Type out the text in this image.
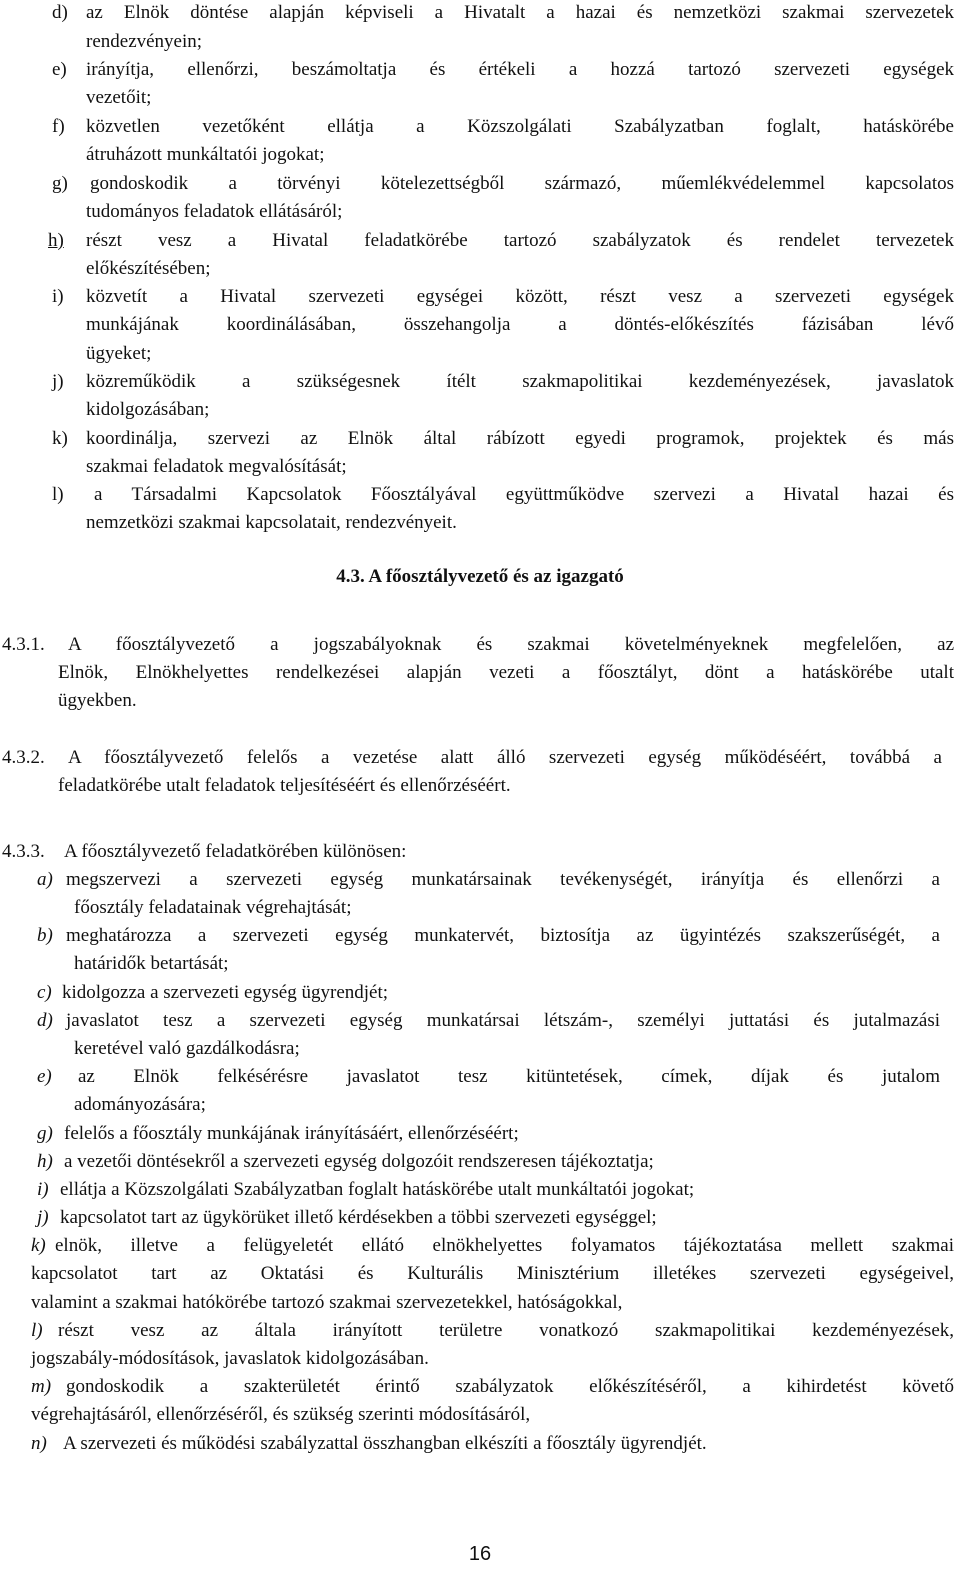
d) az Elnök döntése alapján képviseli a Hivatalt a hazai és nemzetközi szakmai szervezetek
rendezvényein;
e) irányítja, ellenőrzi, beszámoltatja és értékeli a hozzá tartozó szervezeti egységek
vezetőit;
f) közvetlen vezetőként ellátja a Közszolgálati Szabályzatban foglalt, hatáskörébe
átruházott munkáltatói jogokat;
g) gondoskodik a törvényi kötelezettségből származó, műemlékvédelemmel kapcsolatos
tudományos feladatok ellátásáról;
h) részt vesz a Hivatal feladatkörébe tartozó szabályzatok és rendelet tervezetek
előkészítésében;
i) közvetít a Hivatal szervezeti egységei között, részt vesz a szervezeti egységek
munkájának koordinálásában, összehangolja a döntés-előkészítés fázisában lévő
ügyeket;
j) közreműködik a szükségesnek ítélt szakmapolitikai kezdeményezések, javaslatok
kidolgozásában;
k) koordinálja, szervezi az Elnök által rábízott egyedi programok, projektek és más
szakmai feladatok megvalósítását;
l) a Társadalmi Kapcsolatok Főosztályával együttműködve szervezi a Hivatal hazai és
nemzetközi szakmai kapcsolatait, rendezvényeit.
4.3. A főosztályvezető és az igazgató
4.3.1. A főosztályvezető a jogszabályoknak és szakmai követelményeknek megfelelően, az
Elnök, Elnökhelyettes rendelkezései alapján vezeti a főosztályt, dönt a hatáskörébe utalt
ügyekben.
4.3.2. A főosztályvezető felelős a vezetése alatt álló szervezeti egység működéséért, továbbá a
feladatkörébe utalt feladatok teljesítéséért és ellenőrzéséért.
4.3.3. A főosztályvezető feladatkörében különösen:
a) megszervezi a szervezeti egység munkatársainak tevékenységét, irányítja és ellenőrzi a
főosztály feladatainak végrehajtását;
b) meghatározza a szervezeti egység munkatervét, biztosítja az ügyintézés szakszerűségét, a
határidők betartását;
c) kidolgozza a szervezeti egység ügyrendjét;
d) javaslatot tesz a szervezeti egység munkatársai létszám-, személyi juttatási és jutalmazási
keretével való gazdálkodásra;
e) az Elnök felkésérésre javaslatot tesz kitüntetések, címek, díjak és jutalom
adományozására;
g) felelős a főosztály munkájának irányításáért, ellenőrzéséért;
h) a vezetői döntésekről a szervezeti egység dolgozóit rendszeresen tájékoztatja;
i) ellátja a Közszolgálati Szabályzatban foglalt hatáskörébe utalt munkáltatói jogokat;
j) kapcsolatot tart az ügykörüket illető kérdésekben a többi szervezeti egységgel;
k) elnök, illetve a felügyeletét ellátó elnökhelyettes folyamatos tájékoztatása mellett szakmai
kapcsolatot tart az Oktatási és Kulturális Minisztérium illetékes szervezeti egységeivel,
valamint a szakmai hatókörébe tartozó szakmai szervezetekkel, hatóságokkal,
l) részt vesz az általa irányított területre vonatkozó szakmapolitikai kezdeményezések,
jogszabály-módosítások, javaslatok kidolgozásában.
m) gondoskodik a szakterületét érintő szabályzatok előkészítéséről, a kihirdetést követő
végrehajtásáról, ellenőrzéséről, és szükség szerinti módosításáról,
n) A szervezeti és működési szabályzattal összhangban elkészíti a főosztály ügyrendjét.
16
